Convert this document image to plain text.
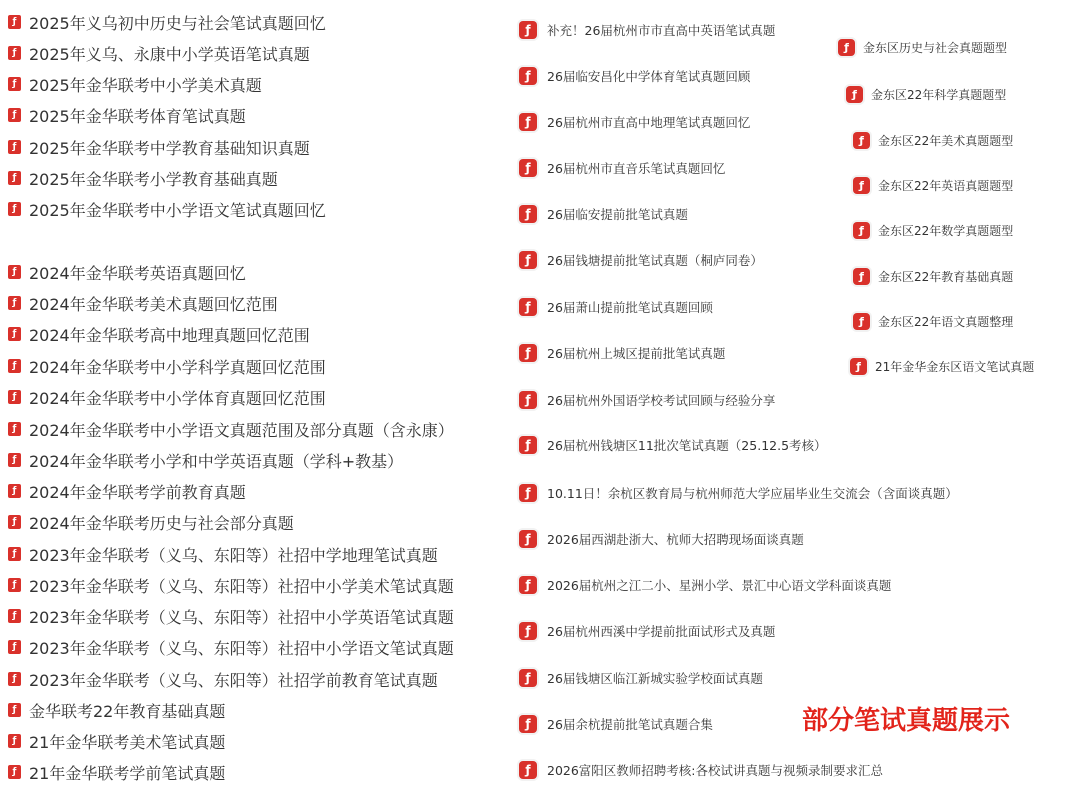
ƒ 2025年义乌初中历史与社会笔试真题回忆
ƒ 2025年义乌、永康中小学英语笔试真题
ƒ 2025年金华联考中小学美术真题
ƒ 2025年金华联考体育笔试真题
ƒ 2025年金华联考中学教育基础知识真题
ƒ 2025年金华联考小学教育基础真题
ƒ 2025年金华联考中小学语文笔试真题回忆
ƒ 2024年金华联考英语真题回忆
ƒ 2024年金华联考美术真题回忆范围
ƒ 2024年金华联考高中地理真题回忆范围
ƒ 2024年金华联考中小学科学真题回忆范围
ƒ 2024年金华联考中小学体育真题回忆范围
ƒ 2024年金华联考中小学语文真题范围及部分真题（含永康）
ƒ 2024年金华联考小学和中学英语真题（学科+教基）
ƒ 2024年金华联考学前教育真题
ƒ 2024年金华联考历史与社会部分真题
ƒ 2023年金华联考（义乌、东阳等）社招中学地理笔试真题
ƒ 2023年金华联考（义乌、东阳等）社招中小学美术笔试真题
ƒ 2023年金华联考（义乌、东阳等）社招中小学英语笔试真题
ƒ 2023年金华联考（义乌、东阳等）社招中小学语文笔试真题
ƒ 2023年金华联考（义乌、东阳等）社招学前教育笔试真题
ƒ 金华联考22年教育基础真题
ƒ 21年金华联考美术笔试真题
ƒ 21年金华联考学前笔试真题
ƒ	补充！26届杭州市市直高中英语笔试真题
ƒ	26届临安昌化中学体育笔试真题回顾
ƒ	26届杭州市直高中地理笔试真题回忆
ƒ	26届杭州市直音乐笔试真题回忆
ƒ	26届临安提前批笔试真题
ƒ	26届钱塘提前批笔试真题（桐庐同卷）
ƒ	26届萧山提前批笔试真题回顾
ƒ	26届杭州上城区提前批笔试真题
ƒ	26届杭州外国语学校考试回顾与经验分享
ƒ	26届杭州钱塘区11批次笔试真题（25.12.5考核）
ƒ	10.11日！余杭区教育局与杭州师范大学应届毕业生交流会（含面谈真题）
ƒ	2026届西湖赴浙大、杭师大招聘现场面谈真题
ƒ	2026届杭州之江二小、星洲小学、景汇中心语文学科面谈真题
ƒ	26届杭州西溪中学提前批面试形式及真题
ƒ	26届钱塘区临江新城实验学校面试真题
ƒ	26届余杭提前批笔试真题合集
ƒ	2026富阳区教师招聘考核:各校试讲真题与视频录制要求汇总
ƒ	金东区历史与社会真题题型
ƒ	金东区22年科学真题题型
ƒ	金东区22年美术真题题型
ƒ	金东区22年英语真题题型
ƒ	金东区22年数学真题题型
ƒ	金东区22年教育基础真题
ƒ	金东区22年语文真题整理
ƒ	21年金华金东区语文笔试真题
部分笔试真题展示
